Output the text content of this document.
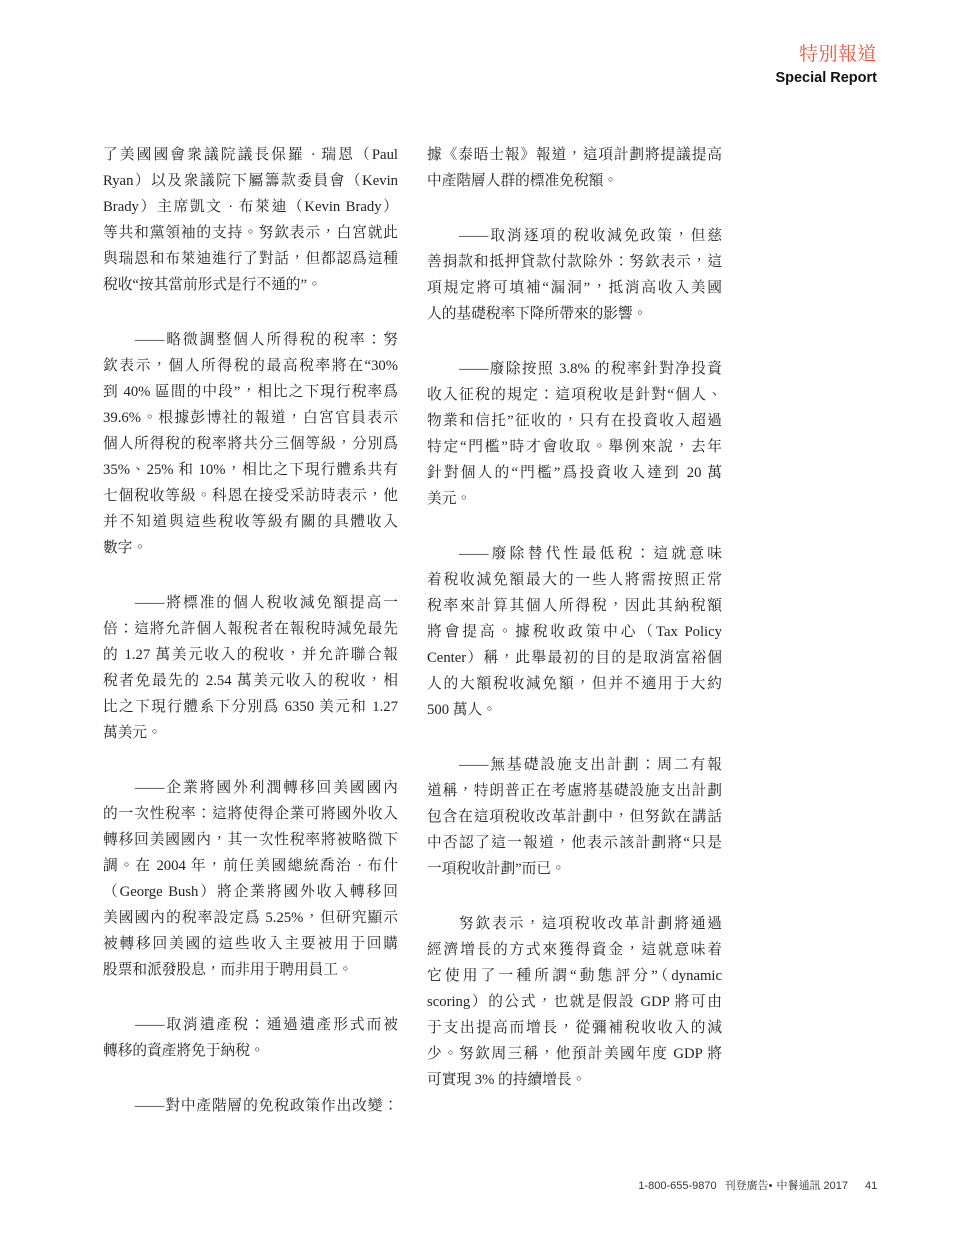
特別報道
Special Report
了美國國會衆議院議長保羅 · 瑞恩（Paul
Ryan）以及衆議院下屬籌款委員會（Kevin
Brady）主席凱文 · 布萊迪（Kevin Brady）
等共和黨領袖的支持。努欽表示，白宮就此
與瑞恩和布萊迪進行了對話，但都認爲這種
稅收“按其當前形式是行不通的”。
——略微調整個人所得稅的稅率：努
欽表示，個人所得稅的最高稅率將在“30%
到 40% 區間的中段”，相比之下現行稅率爲
39.6%。根據彭博社的報道，白宮官員表示
個人所得稅的稅率將共分三個等級，分別爲
35%、25% 和 10%，相比之下現行體系共有
七個稅收等級。科恩在接受采訪時表示，他
并不知道與這些稅收等級有關的具體收入
數字。
——將標准的個人稅收減免額提高一
倍：這將允許個人報稅者在報稅時減免最先
的 1.27 萬美元收入的稅收，并允許聯合報
稅者免最先的 2.54 萬美元收入的稅收，相
比之下現行體系下分別爲 6350 美元和 1.27
萬美元。
——企業將國外利潤轉移回美國國內
的一次性稅率：這將使得企業可將國外收入
轉移回美國國內，其一次性稅率將被略微下
調。在 2004 年，前任美國總統喬治 · 布什
（George Bush）將企業將國外收入轉移回
美國國內的稅率設定爲 5.25%，但研究顯示
被轉移回美國的這些收入主要被用于回購
股票和派發股息，而非用于聘用員工。
——取消遺產稅：通過遺產形式而被
轉移的資產將免于納稅。
——對中產階層的免稅政策作出改變：
據《泰晤士報》報道，這項計劃將提議提高
中產階層人群的標准免稅額。
——取消逐項的稅收減免政策，但慈
善捐款和抵押貸款付款除外：努欽表示，這
項規定將可填補“漏洞”，抵消高收入美國
人的基礎稅率下降所帶來的影響。
——廢除按照 3.8% 的稅率針對净投資
收入征稅的規定：這項稅收是針對“個人、
物業和信托”征收的，只有在投資收入超過
特定“門檻”時才會收取。舉例來說，去年
針對個人的“門檻”爲投資收入達到 20 萬
美元。
——廢除替代性最低稅：這就意味
着稅收減免額最大的一些人將需按照正常
稅率來計算其個人所得稅，因此其納稅額
將會提高。據稅收政策中心（Tax Policy
Center）稱，此舉最初的目的是取消富裕個
人的大額稅收減免額，但并不適用于大約
500 萬人。
——無基礎設施支出計劃：周二有報
道稱，特朗普正在考慮將基礎設施支出計劃
包含在這項稅收改革計劃中，但努欽在講話
中否認了這一報道，他表示該計劃將“只是
一項稅收計劃”而已。
努欽表示，這項稅收改革計劃將通過
經濟增長的方式來獲得資金，這就意味着
它使用了一種所謂“動態評分”（dynamic
scoring）的公式，也就是假設 GDP 將可由
于支出提高而增長，從彌補稅收收入的減
少。努欽周三稱，他預計美國年度 GDP 將
可實現 3% 的持續增長。
1-800-655-9870 刊登廣告• 中餐通訊 2017 41
